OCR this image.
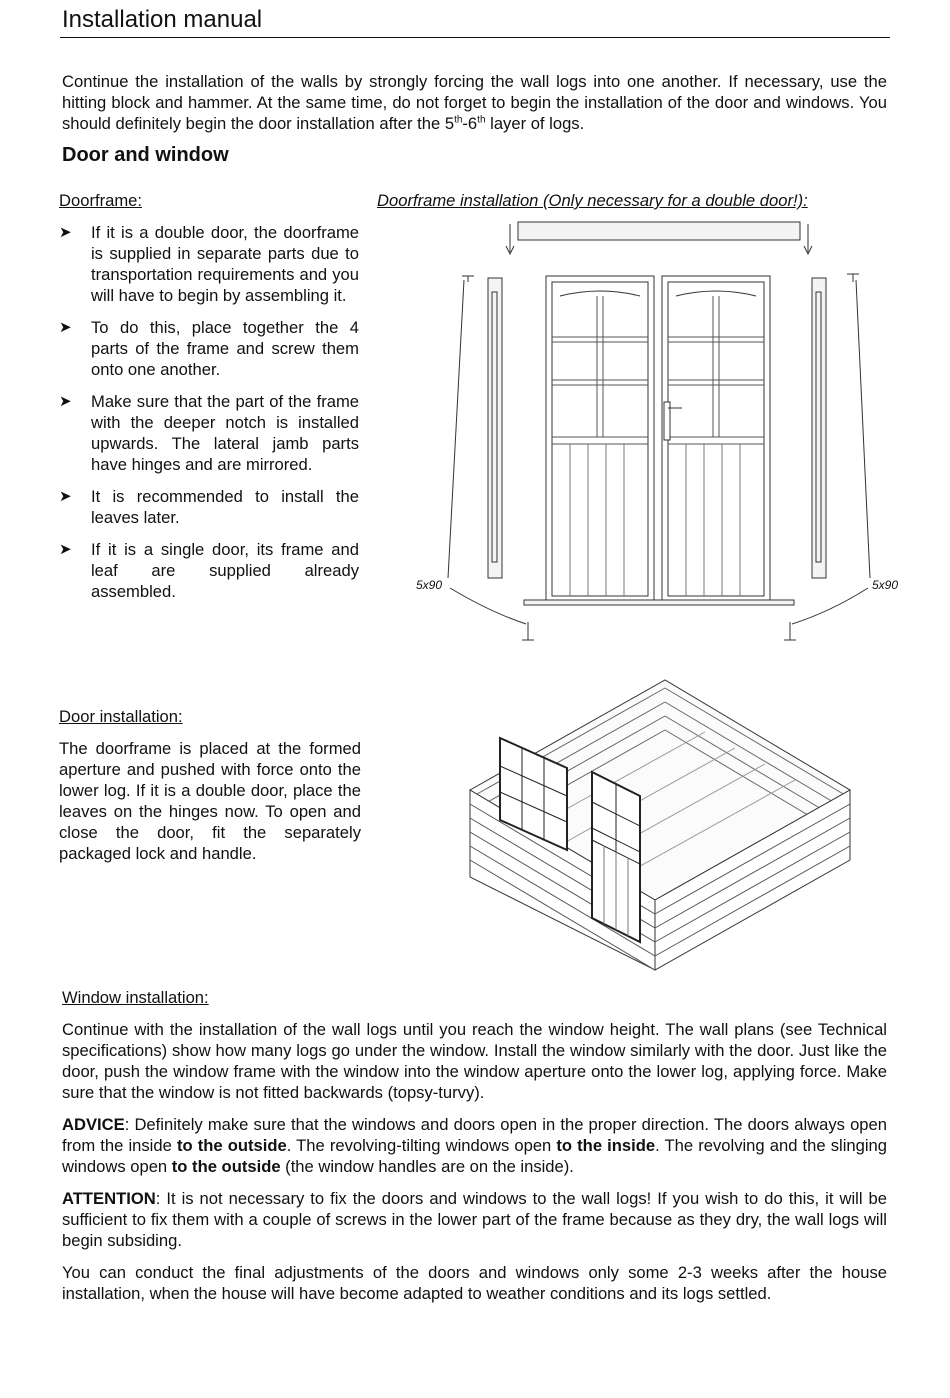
Installation manual
Continue the installation of the walls by strongly forcing the wall logs into one another. If necessary, use the hitting block and hammer. At the same time, do not forget to begin the installation of the door and windows. You should definitely begin the door installation after the 5th-6th layer of logs.
Door and window
Doorframe:	Doorframe installation (Only necessary for a double door!):
➤ If it is a double door, the doorframe is supplied in separate parts due to transportation requirements and you will have to begin by assembling it.
➤ To do this, place together the 4 parts of the frame and screw them onto one another.
➤ Make sure that the part of the frame with the deeper notch is installed upwards. The lateral jamb parts have hinges and are mirrored.
➤ It is recommended to install the leaves later.
➤ If it is a single door, its frame and leaf are supplied already assembled.	5x90	5x90
Door installation:
The doorframe is placed at the formed aperture and pushed with force onto the lower log. If it is a double door, place the leaves on the hinges now. To open and close the door, fit the separately packaged lock and handle.
Window installation:
Continue with the installation of the wall logs until you reach the window height. The wall plans (see Technical specifications) show how many logs go under the window. Install the window similarly with the door. Just like the door, push the window frame with the window into the window aperture onto the lower log, applying force. Make sure that the window is not fitted backwards (topsy-turvy).
ADVICE: Definitely make sure that the windows and doors open in the proper direction. The doors always open from the inside to the outside. The revolving-tilting windows open to the inside. The revolving and the slinging windows open to the outside (the window handles are on the inside).
ATTENTION: It is not necessary to fix the doors and windows to the wall logs! If you wish to do this, it will be sufficient to fix them with a couple of screws in the lower part of the frame because as they dry, the wall logs will begin subsiding.
You can conduct the final adjustments of the doors and windows only some 2-3 weeks after the house installation, when the house will have become adapted to weather conditions and its logs settled.
